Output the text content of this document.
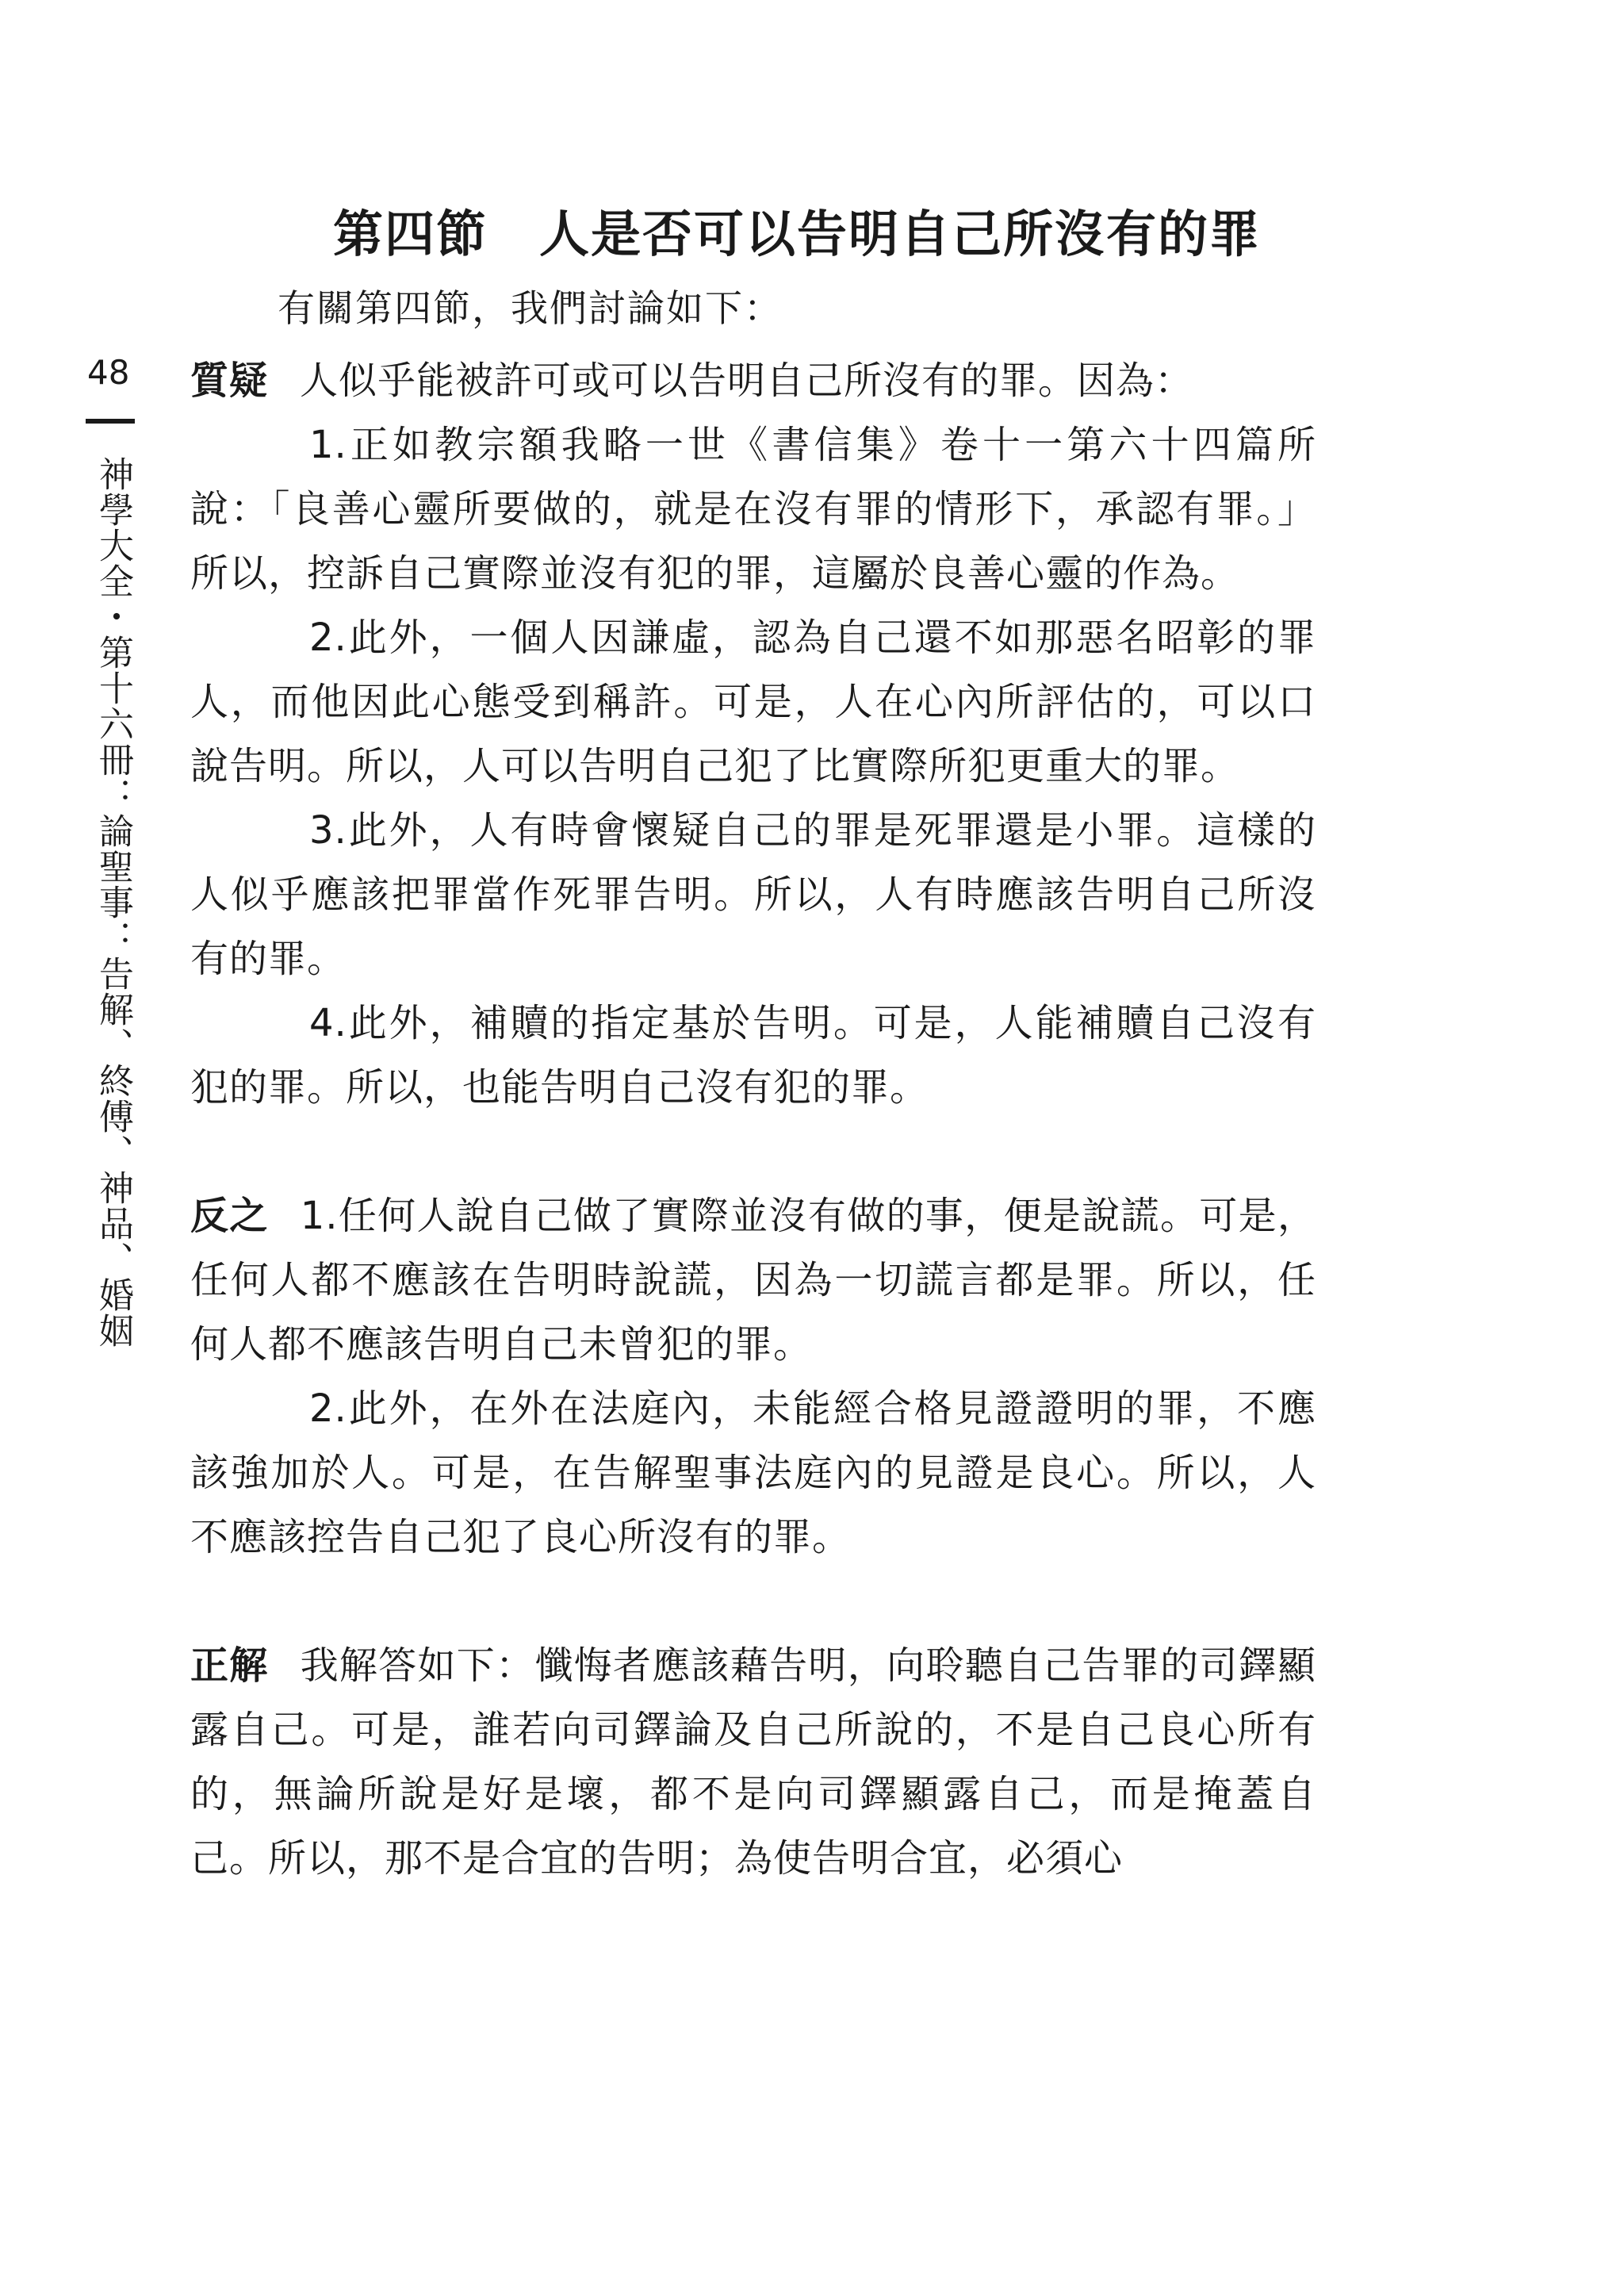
第四節　人是否可以告明自己所沒有的罪
有關第四節，我們討論如下：
48
神學大全・第十六冊：論聖事：告解、終傅、神品、婚姻

質疑 人似乎能被許可或可以告明自己所沒有的罪。因為：

1.正如教宗額我略一世《書信集》卷十一第六十四篇所說：「良善心靈所要做的，就是在沒有罪的情形下，承認有罪。」所以，控訴自己實際並沒有犯的罪，這屬於良善心靈的作為。

2.此外，一個人因謙虛，認為自己還不如那惡名昭彰的罪人，而他因此心態受到稱許。可是，人在心內所評估的，可以口說告明。所以，人可以告明自己犯了比實際所犯更重大的罪。

3.此外，人有時會懷疑自己的罪是死罪還是小罪。這樣的人似乎應該把罪當作死罪告明。所以，人有時應該告明自己所沒有的罪。

4.此外，補贖的指定基於告明。可是，人能補贖自己沒有犯的罪。所以，也能告明自己沒有犯的罪。

反之 1.任何人說自己做了實際並沒有做的事，便是說謊。可是，任何人都不應該在告明時說謊，因為一切謊言都是罪。所以，任何人都不應該告明自己未曾犯的罪。

2.此外，在外在法庭內，未能經合格見證證明的罪，不應該強加於人。可是，在告解聖事法庭內的見證是良心。所以，人不應該控告自己犯了良心所沒有的罪。

正解 我解答如下：懺悔者應該藉告明，向聆聽自己告罪的司鐸顯露自己。可是，誰若向司鐸論及自己所說的，不是自己良心所有的，無論所說是好是壞，都不是向司鐸顯露自己，而是掩蓋自己。所以，那不是合宜的告明；為使告明合宜，必須心
